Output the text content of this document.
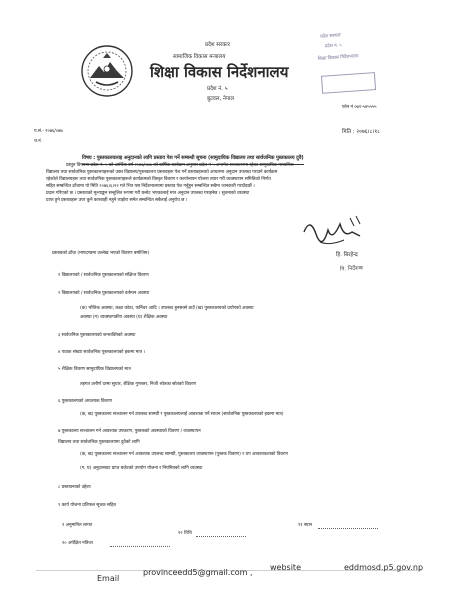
प्रदेश सरकार
सामाजिक विकास मन्त्रालय
शिक्षा विकास निर्देशनालय
प्रदेश नं. ५
बुटवल, नेपाल
प्रदेश सरकार
प्रदेश नं. ५
शिक्षा विकास निर्देशनालय
फोन नं ०७१-५४५५५५
मिति : २०७६।८।१८
प.सं.- २०७६/०७७
च.नं.
विषय : पुस्तकालयलाइ अनुदानको लागि प्रस्ताव पेश गर्ने सम्बन्धी सूचना (सामुदायिक विद्यालय तथा सार्वजनिक पुस्तकालय दुवै)
प्रस्तुत विषयमा प्रदेश नं. ५ को आर्थिक वर्ष २०७६/०७७ को वार्षिक कार्यक्रम अनुसार प्रदेश नं ५ अन्तर्गत सञ्चालनमा रहेका सामुदायिक माध्यमिक
विद्यालय तथा सार्वजनिक पुस्तकालयहरूको उक्त विद्यालय/पुस्तकालय प्रस्तावहरू पेश गर्ने प्रस्तावहरूको आधारमा अनुदान उपलब्ध गराउने कार्यक्रम
रहेकोले विद्यालयहरू तथा सार्वजनिक पुस्तकालयहरूले कार्यक्रमको विस्तृत विवरण र कार्यान्वयन योजना तयार गरी व्यवस्थापन समितिको निर्णय
सहित सम्बन्धित ढाँचामा यो मिति २०७६।६।१२ गते भित्र यस निर्देशनालयमा प्रस्ताव पेश गर्नुहुन सम्बन्धित सबैमा जानकारी गराउँदछौं ।
प्रदान गरिएको छ । प्रस्तावको मूल्याङ्कन सन्तुलित रूपमा गरी छनोट भएकालाई मात्र अनुदान उपलब्ध गराइनेछ । सुचनाको व्यवस्था
प्राप्त हुने प्रस्तावहरू उपर कुनै कारबाही नहुने व्यहोरा समेत सम्बन्धित सबैलाई अनुरोध छ ।
हि. बिरहेन्द्र
नि. निर्देशक
प्रस्तावको ढाँचा (मापदण्डमा उल्लेख भएको विवरण बमोजिम)
१ विद्यालयको / सार्वजनिक पुस्तकालयको संक्षिप्त विवरण
२ विद्यालयको / सार्वजनिक पुस्तकालयको वर्तमान अवस्था
(क) भौतिक अवस्था, कक्षा कोठा, फर्निचर आदि । उपलब्ध हुनसक्ने ठाउँ (ख) पुस्तकालयको प्रयोगको अवस्था
अवस्था (ग) व्यवस्थापकीय अवस्था (घ) शैक्षिक अवस्था
३ सार्वजनिक पुस्तकालयको जनशक्तिको अवस्था
४ पाठक संख्या सार्वजनिक पुस्तकालयको हकमा मात्र ।
५ शैक्षिक विवरण सामुदायिक विद्यालयको मात्र
तहगत उत्तीर्ण दरमा सुधार, शैक्षिक गुणस्तर, निजी श्रोतका स्रोतको विवरण
६ पुस्तकालयको आवश्यक विवरण
(क, ख) पुस्तकालय सञ्चालन गर्न उपलब्ध सामग्री र पुस्तकालयलाई आवश्यक पर्ने साधन (सार्वजनिक पुस्तकालयको हकमा मात्र)
७ पुस्तकालय सञ्चालन गर्न आवश्यक उपकरण, पुस्तकको अवस्थाको विवरण / व्यवस्थापन
विद्यालय तथा सार्वजनिक पुस्तकालयमा दुवैको लागि
(क, ख) पुस्तकालय सञ्चालन गर्न आवश्यक उपलब्ध सामग्री, पुस्तकालय व्यवस्थापन (पुस्तक विवरण) र थप आवश्यकताको विवरण
(ग, घ) अनुदानबाट प्राप्त बजेटको उपयोग योजना र नियमितको लागि व्यवस्था
८ प्रस्तावनाको उद्देश्य
९ कार्य योजना प्रतिफल सूचक सहित
१ अनुमानित लागत	११ स्थान
१२ तिथि
१० अपेक्षित नतिजा
Email
provinceedd5@gmail.com ,
website	eddmosd.p5.gov.np
